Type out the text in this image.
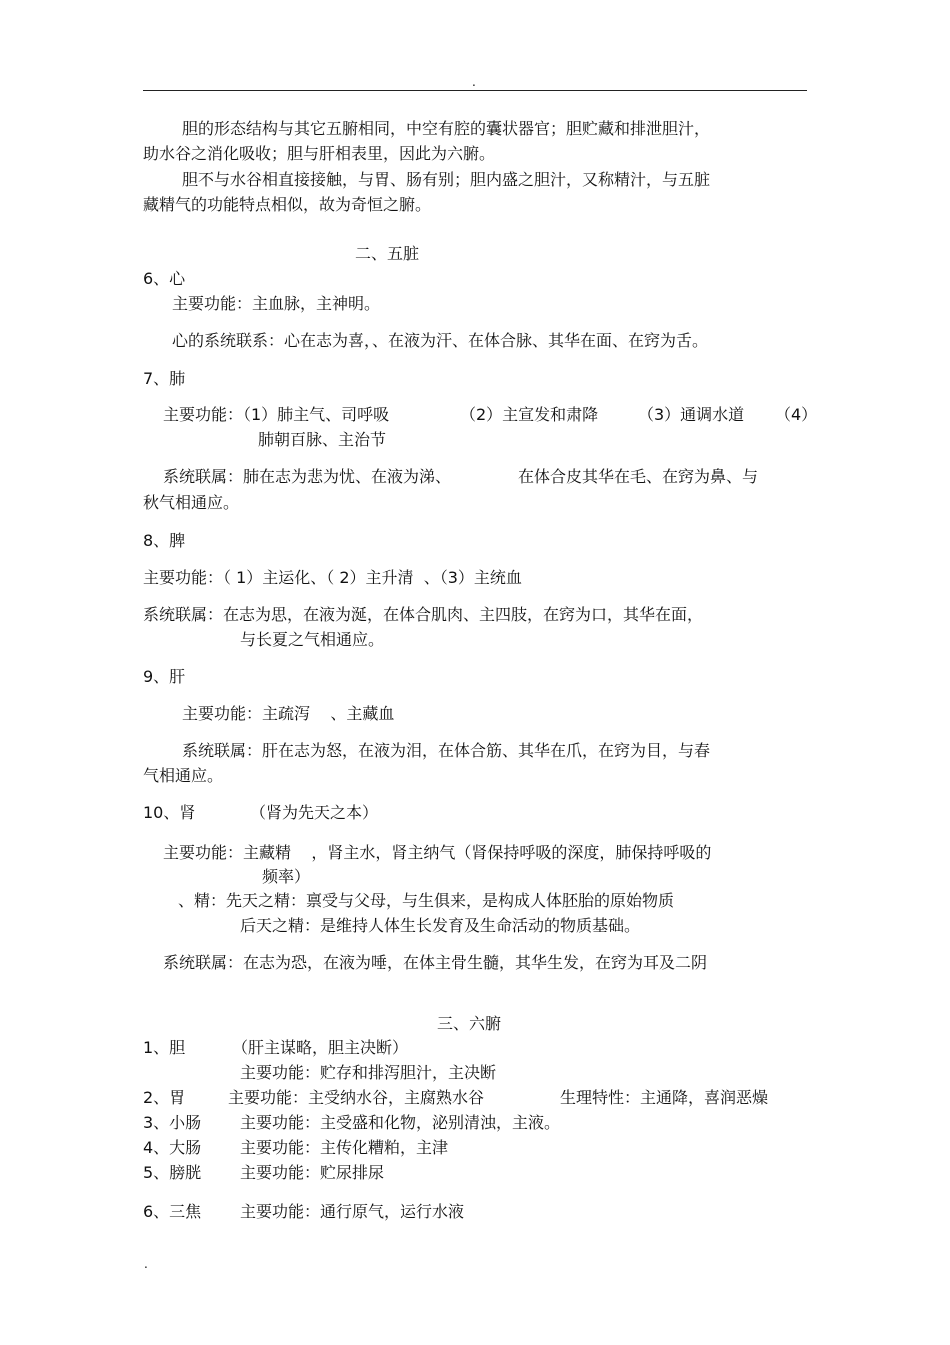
.
胆的形态结构与其它五腑相同，中空有腔的囊状器官；胆贮藏和排泄胆汁，
助水谷之消化吸收；胆与肝相表里，因此为六腑。
胆不与水谷相直接接触，与胃、肠有别；胆内盛之胆汁，又称精汁，与五脏
藏精气的功能特点相似，故为奇恒之腑。
二、五脏
6、心
主要功能：主血脉，主神明。
心的系统联系：心在志为喜，、在液为汗、在体合脉、其华在面、在窍为舌。
7、肺
主要功能：（1）肺主气、司呼吸	（2）主宣发和肃降 （3）通调水道 （4）
肺朝百脉、主治节
系统联属：肺在志为悲为忧、在液为涕、	在体合皮其华在毛、在窍为鼻、与
秋气相通应。
8、脾
主要功能：（ 1）主运化、（ 2）主升清  、（3）主统血
系统联属：在志为思，在液为涎，在体合肌肉、主四肢，在窍为口，其华在面，
与长夏之气相通应。
9、肝
主要功能：主疏泻    、主藏血
系统联属：肝在志为怒，在液为泪，在体合筋、其华在爪，在窍为目，与春
气相通应。
10、肾	（肾为先天之本）
主要功能：主藏精    ，肾主水，肾主纳气（肾保持呼吸的深度，肺保持呼吸的
频率）
、精：先天之精：禀受与父母，与生俱来，是构成人体胚胎的原始物质
后天之精：是维持人体生长发育及生命活动的物质基础。
系统联属：在志为恐，在液为唾，在体主骨生髓，其华生发，在窍为耳及二阴
三、六腑
1、胆	（肝主谋略，胆主决断）
主要功能：贮存和排泻胆汁，主决断
2、胃	主要功能：主受纳水谷，主腐熟水谷	生理特性：主通降，喜润恶燥
3、小肠 主要功能：主受盛和化物，泌别清浊，主液。
4、大肠 主要功能：主传化糟粕，主津
5、膀胱 主要功能：贮尿排尿
6、三焦 主要功能：通行原气，运行水液
.
